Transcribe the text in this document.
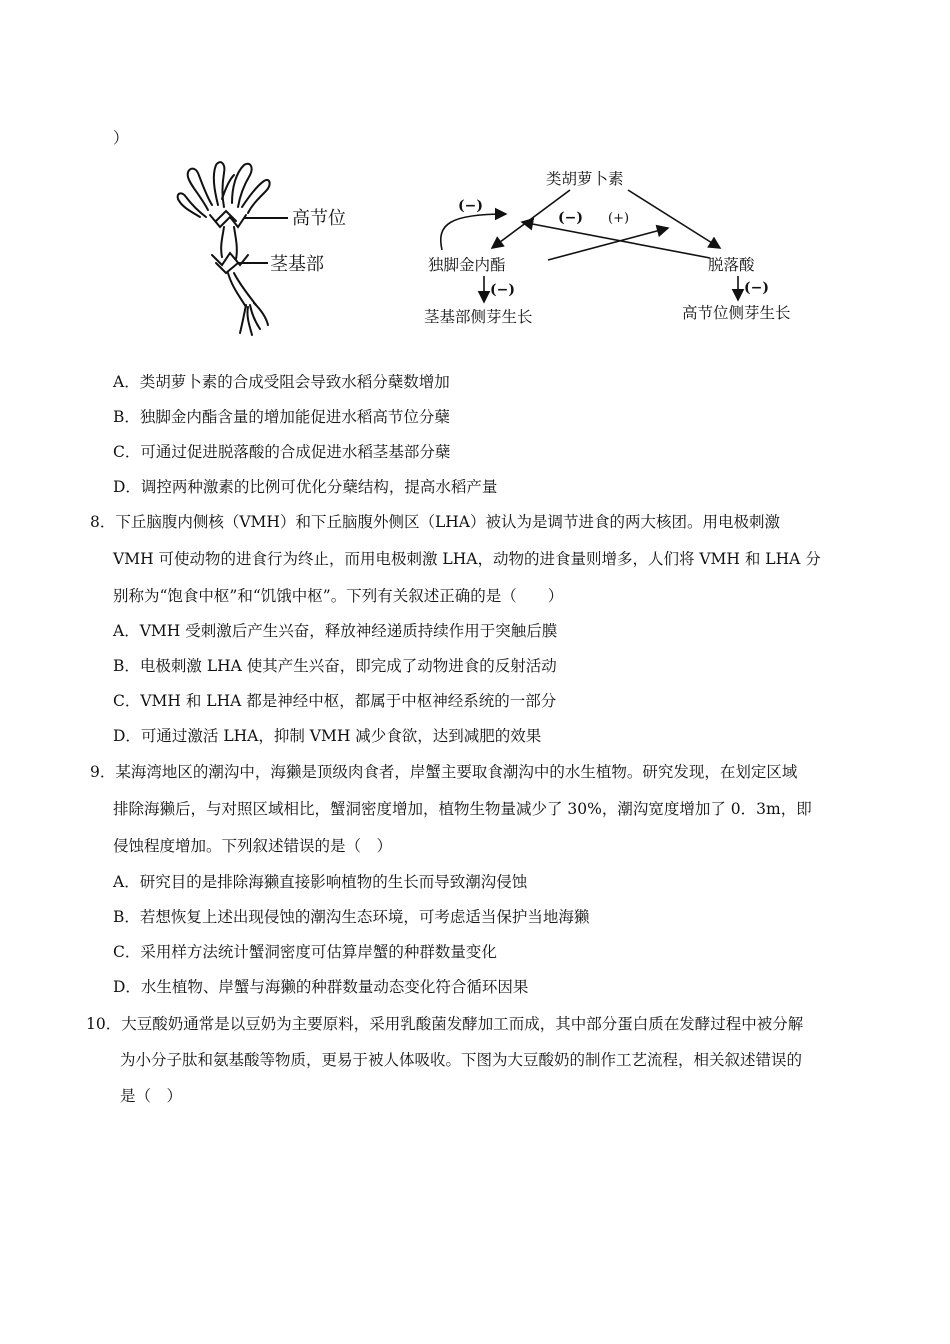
）
高节位
茎基部
类胡萝卜素
独脚金内酯	脱落酸
茎基部侧芽生长	高节位侧芽生长
(−)
(−) (+)
(−)	(−)
A．类胡萝卜素的合成受阻会导致水稻分蘖数增加
B．独脚金内酯含量的增加能促进水稻高节位分蘖
C．可通过促进脱落酸的合成促进水稻茎基部分蘖
D．调控两种激素的比例可优化分蘖结构，提高水稻产量
8．下丘脑腹内侧核（VMH）和下丘脑腹外侧区（LHA）被认为是调节进食的两大核团。用电极刺激
VMH 可使动物的进食行为终止，而用电极刺激 LHA，动物的进食量则增多，人们将 VMH 和 LHA 分
别称为“饱食中枢”和“饥饿中枢”。下列有关叙述正确的是（　　）
A．VMH 受刺激后产生兴奋，释放神经递质持续作用于突触后膜
B．电极刺激 LHA 使其产生兴奋，即完成了动物进食的反射活动
C．VMH 和 LHA 都是神经中枢，都属于中枢神经系统的一部分
D．可通过激活 LHA，抑制 VMH 减少食欲，达到减肥的效果
9．某海湾地区的潮沟中，海獭是顶级肉食者，岸蟹主要取食潮沟中的水生植物。研究发现，在划定区域
排除海獭后，与对照区域相比，蟹洞密度增加，植物生物量减少了 30%，潮沟宽度增加了 0．3m，即
侵蚀程度增加。下列叙述错误的是（　）
A．研究目的是排除海獭直接影响植物的生长而导致潮沟侵蚀
B．若想恢复上述出现侵蚀的潮沟生态环境，可考虑适当保护当地海獭
C．采用样方法统计蟹洞密度可估算岸蟹的种群数量变化
D．水生植物、岸蟹与海獭的种群数量动态变化符合循环因果
10．大豆酸奶通常是以豆奶为主要原料，采用乳酸菌发酵加工而成，其中部分蛋白质在发酵过程中被分解
为小分子肽和氨基酸等物质，更易于被人体吸收。下图为大豆酸奶的制作工艺流程，相关叙述错误的
是（　）
